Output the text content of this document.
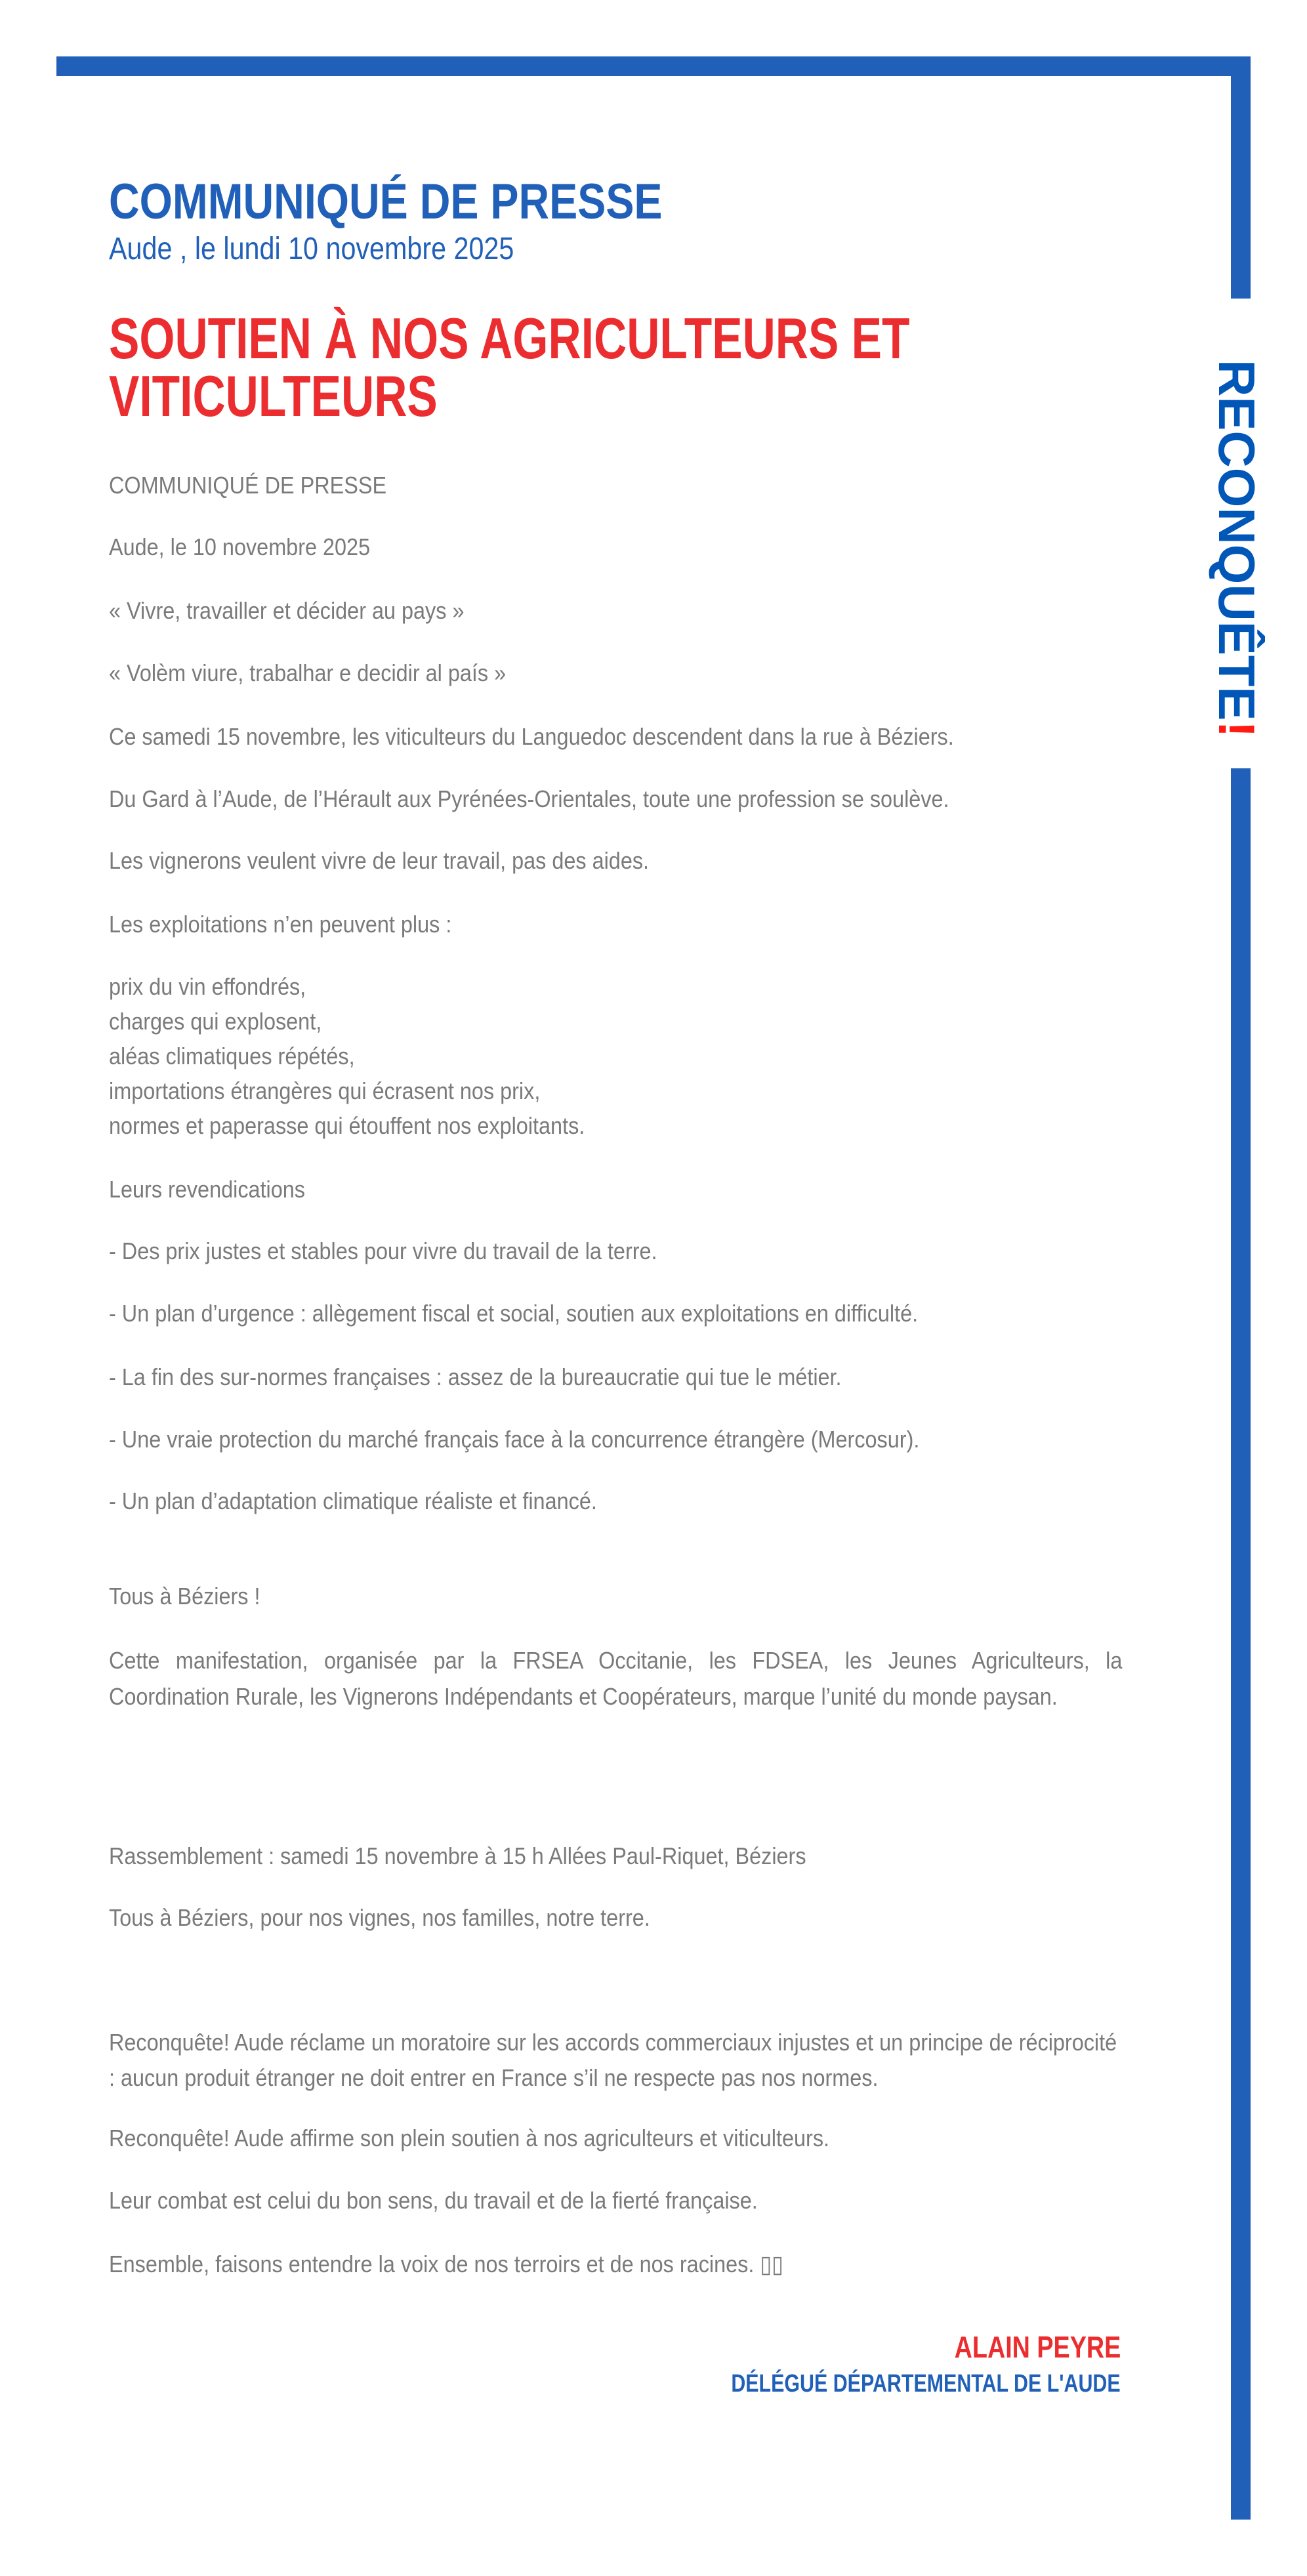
RECONQUÊTE!
COMMUNIQUÉ DE PRESSE
Aude , le lundi 10 novembre 2025
SOUTIEN À NOS AGRICULTEURS ET
VITICULTEURS
COMMUNIQUÉ DE PRESSE
Aude, le 10 novembre 2025
« Vivre, travailler et décider au pays »
« Volèm viure, trabalhar e decidir al país »
Ce samedi 15 novembre, les viticulteurs du Languedoc descendent dans la rue à Béziers.
Du Gard à l’Aude, de l’Hérault aux Pyrénées-Orientales, toute une profession se soulève.
Les vignerons veulent vivre de leur travail, pas des aides.
Les exploitations n’en peuvent plus :
prix du vin effondrés,
charges qui explosent,
aléas climatiques répétés,
importations étrangères qui écrasent nos prix,
normes et paperasse qui étouffent nos exploitants.
Leurs revendications
- Des prix justes et stables pour vivre du travail de la terre.
- Un plan d’urgence : allègement fiscal et social, soutien aux exploitations en difficulté.
- La fin des sur-normes françaises : assez de la bureaucratie qui tue le métier.
- Une vraie protection du marché français face à la concurrence étrangère (Mercosur).
- Un plan d’adaptation climatique réaliste et financé.
Tous à Béziers !
Cette manifestation, organisée par la FRSEA Occitanie, les FDSEA, les Jeunes Agriculteurs, la Coordination Rurale, les Vignerons Indépendants et Coopérateurs, marque l’unité du monde paysan.
Rassemblement : samedi 15 novembre à 15 h Allées Paul-Riquet, Béziers
Tous à Béziers, pour nos vignes, nos familles, notre terre.
Reconquête! Aude réclame un moratoire sur les accords commerciaux injustes et un principe de réciprocité : aucun produit étranger ne doit entrer en France s’il ne respecte pas nos normes.
Reconquête! Aude affirme son plein soutien à nos agriculteurs et viticulteurs.
Leur combat est celui du bon sens, du travail et de la fierté française.
Ensemble, faisons entendre la voix de nos terroirs et de nos racines. ▯▯
ALAIN PEYRE
DÉLÉGUÉ DÉPARTEMENTAL DE L'AUDE
